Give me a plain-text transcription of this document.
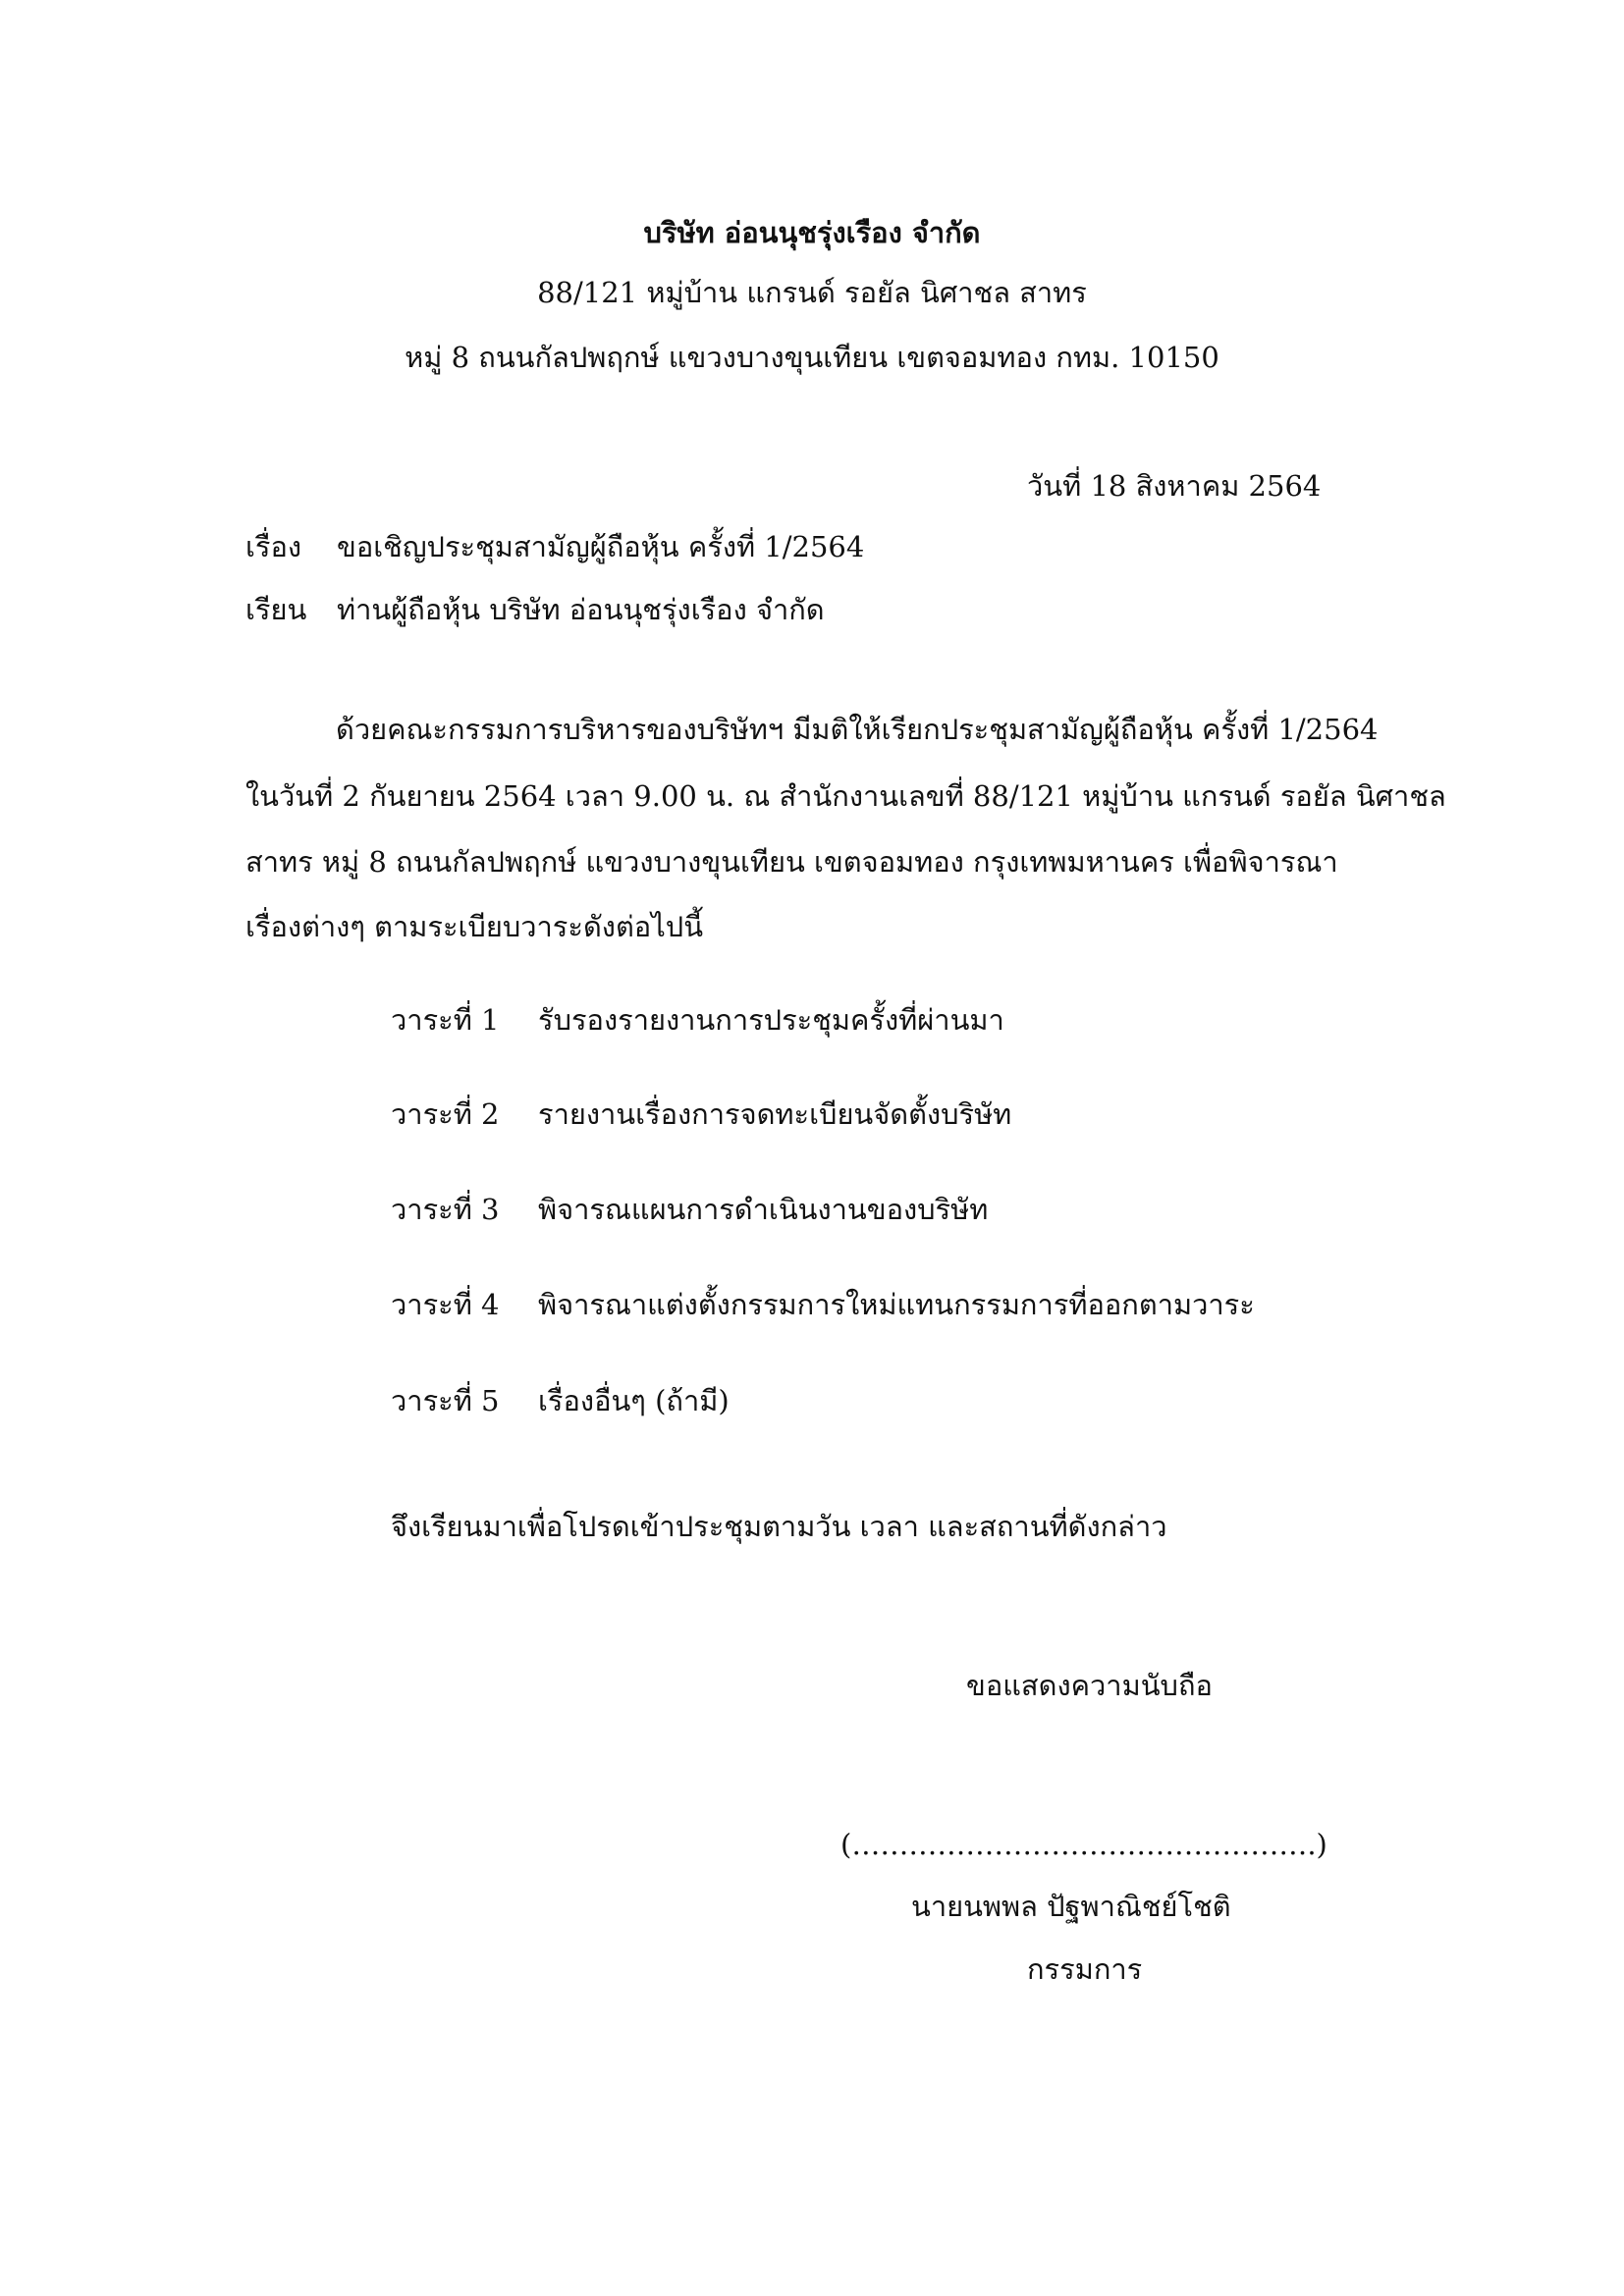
บริษัท อ่อนนุชรุ่งเรือง จำกัด
88/121 หมู่บ้าน แกรนด์ รอยัล นิศาชล สาทร
หมู่ 8 ถนนกัลปพฤกษ์ แขวงบางขุนเทียน เขตจอมทอง กทม. 10150
วันที่ 18 สิงหาคม 2564
เรื่อง ขอเชิญประชุมสามัญผู้ถือหุ้น ครั้งที่ 1/2564
เรียน ท่านผู้ถือหุ้น บริษัท อ่อนนุชรุ่งเรือง จำกัด
ด้วยคณะกรรมการบริหารของบริษัทฯ มีมติให้เรียกประชุมสามัญผู้ถือหุ้น ครั้งที่ 1/2564
ในวันที่ 2 กันยายน 2564 เวลา 9.00 น. ณ สำนักงานเลขที่ 88/121 หมู่บ้าน แกรนด์ รอยัล นิศาชล
สาทร หมู่ 8 ถนนกัลปพฤกษ์ แขวงบางขุนเทียน เขตจอมทอง กรุงเทพมหานคร เพื่อพิจารณา
เรื่องต่างๆ ตามระเบียบวาระดังต่อไปนี้
วาระที่ 1 รับรองรายงานการประชุมครั้งที่ผ่านมา
วาระที่ 2 รายงานเรื่องการจดทะเบียนจัดตั้งบริษัท
วาระที่ 3 พิจารณแผนการดำเนินงานของบริษัท
วาระที่ 4 พิจารณาแต่งตั้งกรรมการใหม่แทนกรรมการที่ออกตามวาระ
วาระที่ 5 เรื่องอื่นๆ (ถ้ามี)
จึงเรียนมาเพื่อโปรดเข้าประชุมตามวัน เวลา และสถานที่ดังกล่าว
ขอแสดงความนับถือ
(………………………………………….)
นายนพพล ปัฐพาณิชย์โชติ
กรรมการ
